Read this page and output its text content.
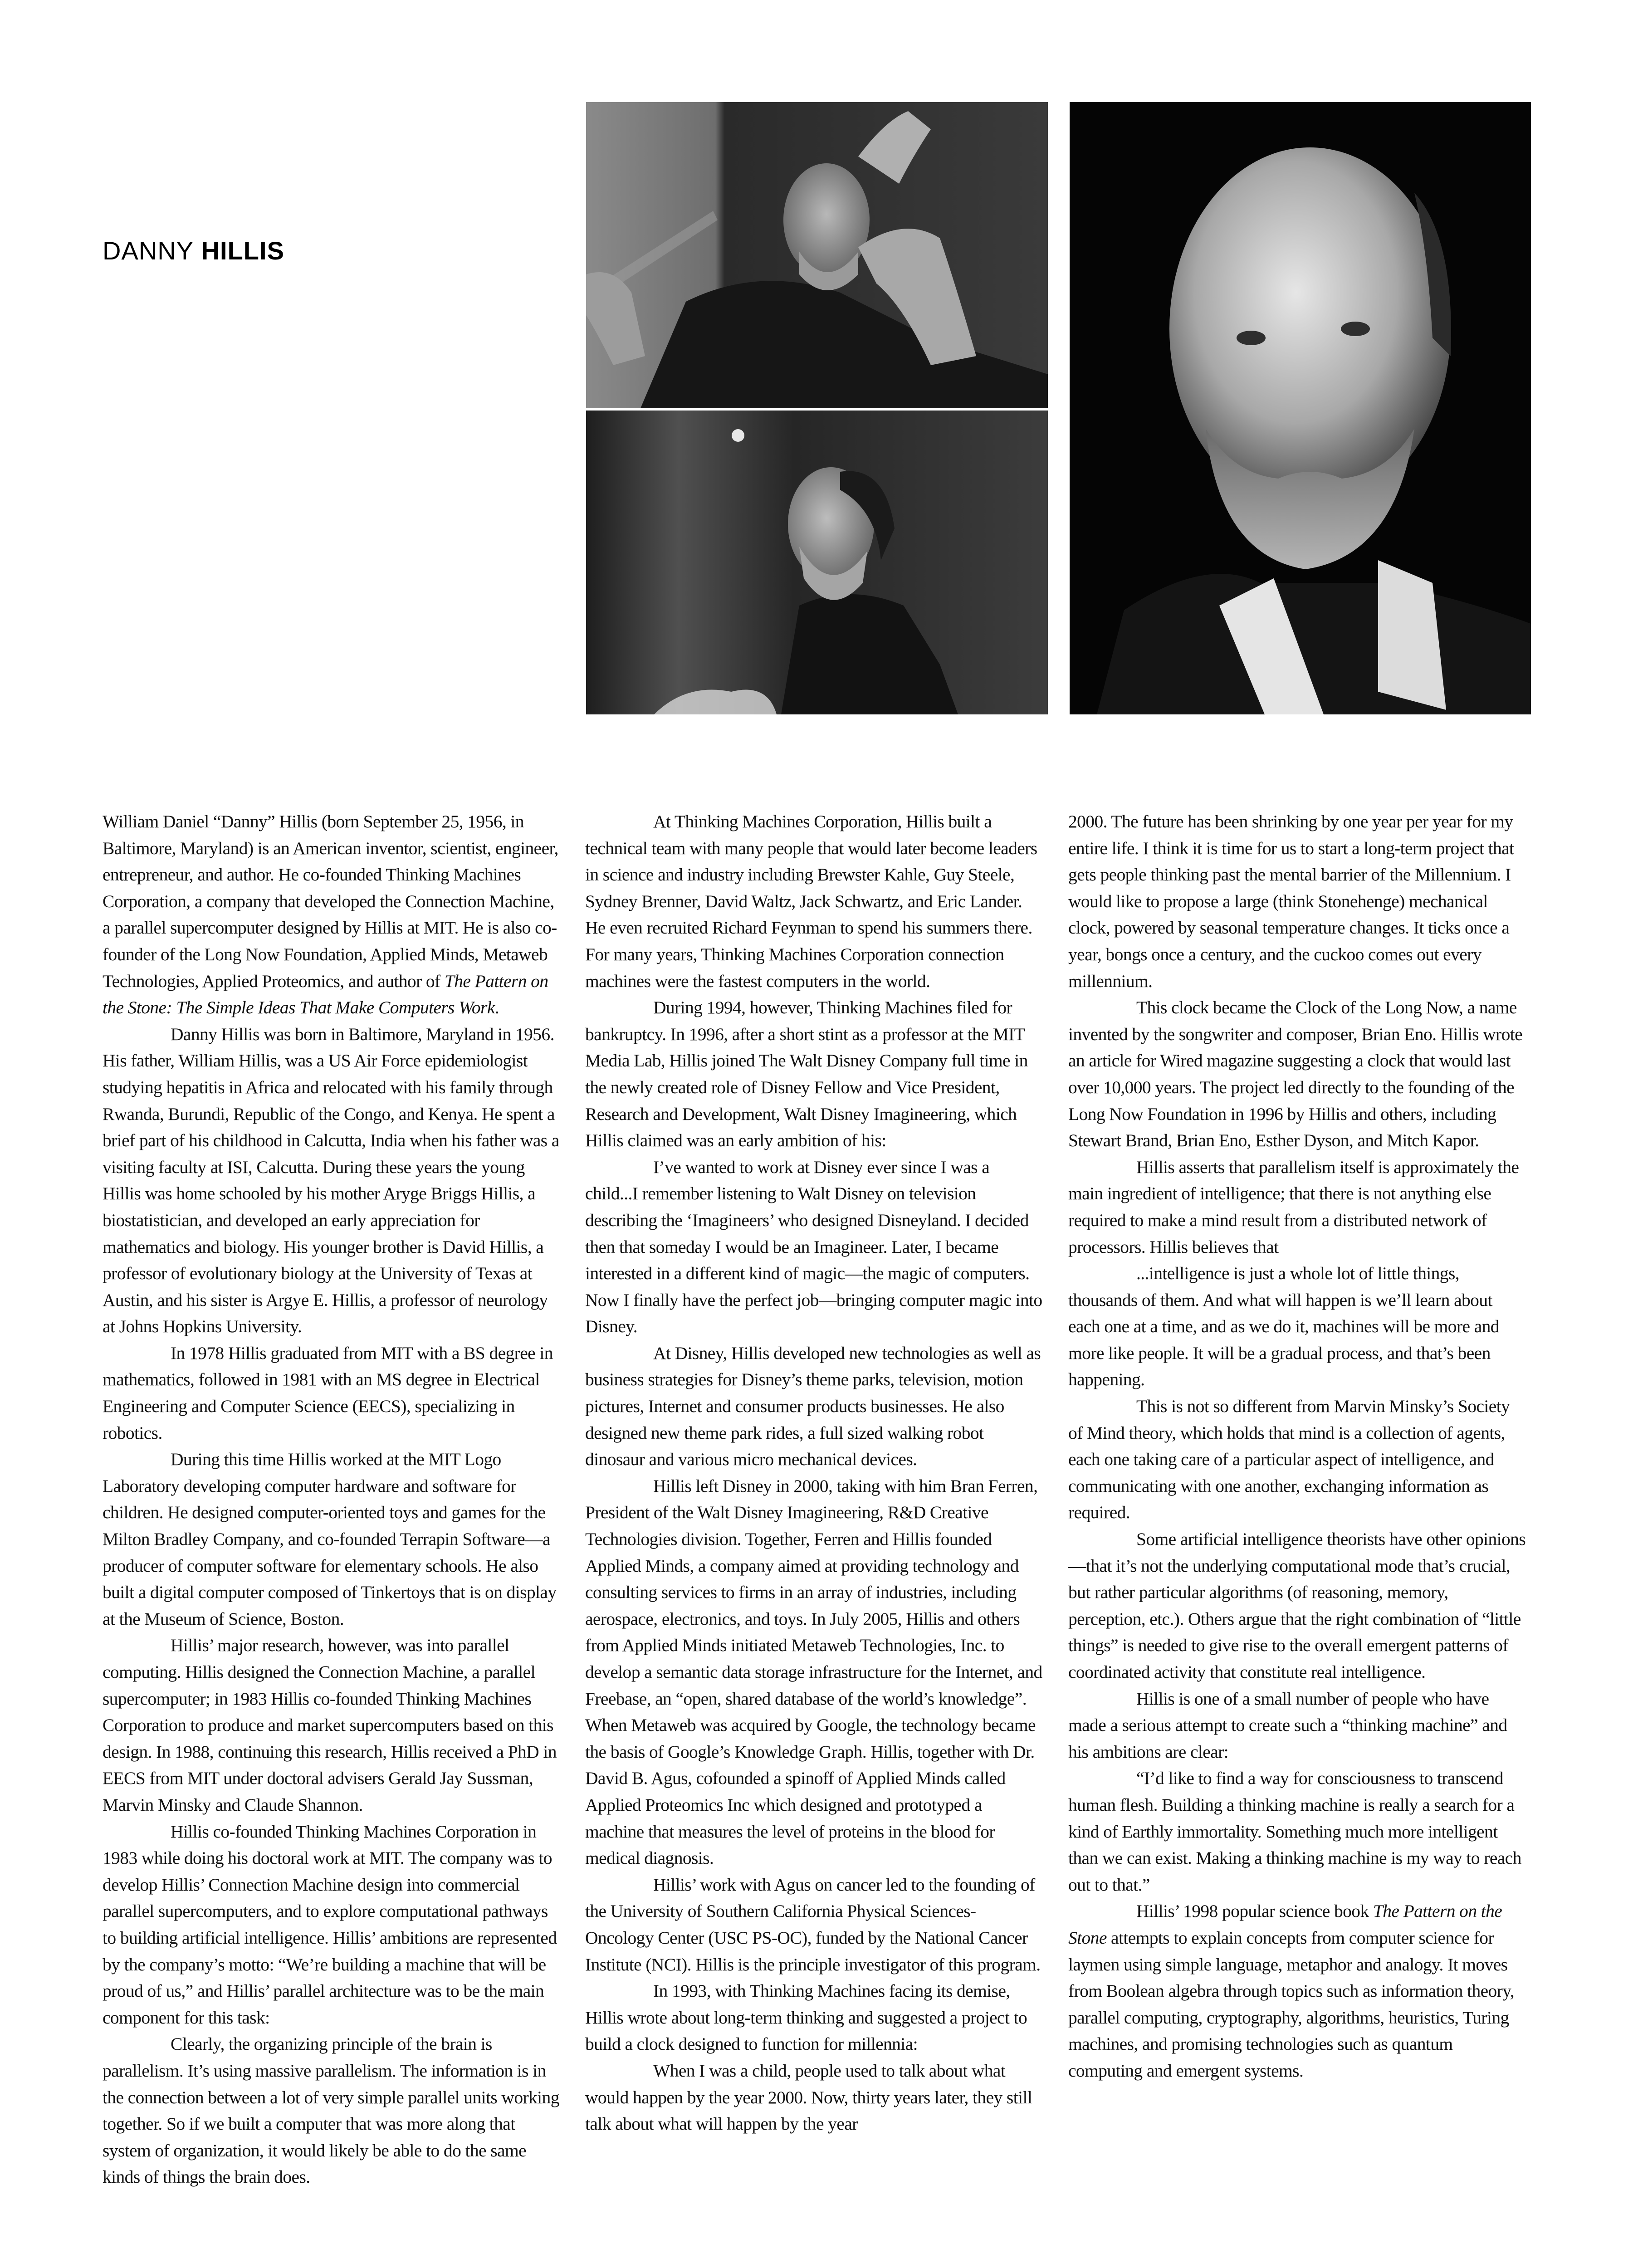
DANNY HILLIS

William Daniel “Danny” Hillis (born September 25, 1956, in Baltimore, Maryland) is an American inventor, scientist, engineer, entrepreneur, and author. He co-founded Thinking Machines Corporation, a company that developed the Connection Machine, a parallel supercomputer designed by Hillis at MIT. He is also co-founder of the Long Now Foundation, Applied Minds, Metaweb Technologies, Applied Proteomics, and author of The Pattern on the Stone: The Simple Ideas That Make Computers Work.

Danny Hillis was born in Baltimore, Maryland in 1956. His father, William Hillis, was a US Air Force epidemiologist studying hepatitis in Africa and relocated with his family through Rwanda, Burundi, Republic of the Congo, and Kenya. He spent a brief part of his childhood in Calcutta, India when his father was a visiting faculty at ISI, Calcutta. During these years the young Hillis was home schooled by his mother Aryge Briggs Hillis, a biostatistician, and developed an early appreciation for mathematics and biology. His younger brother is David Hillis, a professor of evolutionary biology at the University of Texas at Austin, and his sister is Argye E. Hillis, a professor of neurology at Johns Hopkins University.

In 1978 Hillis graduated from MIT with a BS degree in mathematics, followed in 1981 with an MS degree in Electrical Engineering and Computer Science (EECS), specializing in robotics.

During this time Hillis worked at the MIT Logo Laboratory developing computer hardware and software for children. He designed computer-oriented toys and games for the Milton Bradley Company, and co-founded Terrapin Software—a producer of computer software for elementary schools. He also built a digital computer composed of Tinkertoys that is on display at the Museum of Science, Boston.

Hillis’ major research, however, was into parallel computing. Hillis designed the Connection Machine, a parallel supercomputer; in 1983 Hillis co-founded Thinking Machines Corporation to produce and market supercomputers based on this design. In 1988, continuing this research, Hillis received a PhD in EECS from MIT under doctoral advisers Gerald Jay Sussman, Marvin Minsky and Claude Shannon.

Hillis co-founded Thinking Machines Corporation in 1983 while doing his doctoral work at MIT. The company was to develop Hillis’ Connection Machine design into commercial parallel supercomputers, and to explore computational pathways to building artificial intelligence. Hillis’ ambitions are represented by the company’s motto: “We’re building a machine that will be proud of us,” and Hillis’ parallel architecture was to be the main component for this task:

Clearly, the organizing principle of the brain is parallelism. It’s using massive parallelism. The information is in the connection between a lot of very simple parallel units working together. So if we built a computer that was more along that system of organization, it would likely be able to do the same kinds of things the brain does.

At Thinking Machines Corporation, Hillis built a technical team with many people that would later become leaders in science and industry including Brewster Kahle, Guy Steele, Sydney Brenner, David Waltz, Jack Schwartz, and Eric Lander. He even recruited Richard Feynman to spend his summers there. For many years, Thinking Machines Corporation connection machines were the fastest computers in the world.

During 1994, however, Thinking Machines filed for bankruptcy. In 1996, after a short stint as a professor at the MIT Media Lab, Hillis joined The Walt Disney Company full time in the newly created role of Disney Fellow and Vice President, Research and Development, Walt Disney Imagineering, which Hillis claimed was an early ambition of his:

I’ve wanted to work at Disney ever since I was a child...I remember listening to Walt Disney on television describing the ‘Imagineers’ who designed Disneyland. I decided then that someday I would be an Imagineer. Later, I became interested in a different kind of magic—the magic of computers. Now I finally have the perfect job—bringing computer magic into Disney.

At Disney, Hillis developed new technologies as well as business strategies for Disney’s theme parks, television, motion pictures, Internet and consumer products businesses. He also designed new theme park rides, a full sized walking robot dinosaur and various micro mechanical devices.

Hillis left Disney in 2000, taking with him Bran Ferren, President of the Walt Disney Imagineering, R&D Creative Technologies division. Together, Ferren and Hillis founded Applied Minds, a company aimed at providing technology and consulting services to firms in an array of industries, including aerospace, electronics, and toys. In July 2005, Hillis and others from Applied Minds initiated Metaweb Technologies, Inc. to develop a semantic data storage infrastructure for the Internet, and Freebase, an “open, shared database of the world’s knowledge”. When Metaweb was acquired by Google, the technology became the basis of Google’s Knowledge Graph. Hillis, together with Dr. David B. Agus, cofounded a spinoff of Applied Minds called Applied Proteomics Inc which designed and prototyped a machine that measures the level of proteins in the blood for medical diagnosis.

Hillis’ work with Agus on cancer led to the founding of the University of Southern California Physical Sciences-Oncology Center (USC PS-OC), funded by the National Cancer Institute (NCI). Hillis is the principle investigator of this program.

In 1993, with Thinking Machines facing its demise, Hillis wrote about long-term thinking and suggested a project to build a clock designed to function for millennia:

When I was a child, people used to talk about what would happen by the year 2000. Now, thirty years later, they still talk about what will happen by the year

2000. The future has been shrinking by one year per year for my entire life. I think it is time for us to start a long-term project that gets people thinking past the mental barrier of the Millennium. I would like to propose a large (think Stonehenge) mechanical clock, powered by seasonal temperature changes. It ticks once a year, bongs once a century, and the cuckoo comes out every millennium.

This clock became the Clock of the Long Now, a name invented by the songwriter and composer, Brian Eno. Hillis wrote an article for Wired magazine suggesting a clock that would last over 10,000 years. The project led directly to the founding of the Long Now Foundation in 1996 by Hillis and others, including Stewart Brand, Brian Eno, Esther Dyson, and Mitch Kapor.

Hillis asserts that parallelism itself is approximately the main ingredient of intelligence; that there is not anything else required to make a mind result from a distributed network of processors. Hillis believes that

...intelligence is just a whole lot of little things, thousands of them. And what will happen is we’ll learn about each one at a time, and as we do it, machines will be more and more like people. It will be a gradual process, and that’s been happening.

This is not so different from Marvin Minsky’s Society of Mind theory, which holds that mind is a collection of agents, each one taking care of a particular aspect of intelligence, and communicating with one another, exchanging information as required.

Some artificial intelligence theorists have other opinions—that it’s not the underlying computational mode that’s crucial, but rather particular algorithms (of reasoning, memory, perception, etc.). Others argue that the right combination of “little things” is needed to give rise to the overall emergent patterns of coordinated activity that constitute real intelligence.

Hillis is one of a small number of people who have made a serious attempt to create such a “thinking machine” and his ambitions are clear:

“I’d like to find a way for consciousness to transcend human flesh. Building a thinking machine is really a search for a kind of Earthly immortality. Something much more intelligent than we can exist. Making a thinking machine is my way to reach out to that.”

Hillis’ 1998 popular science book The Pattern on the Stone attempts to explain concepts from computer science for laymen using simple language, metaphor and analogy. It moves from Boolean algebra through topics such as information theory, parallel computing, cryptography, algorithms, heuristics, Turing machines, and promising technologies such as quantum computing and emergent systems.
